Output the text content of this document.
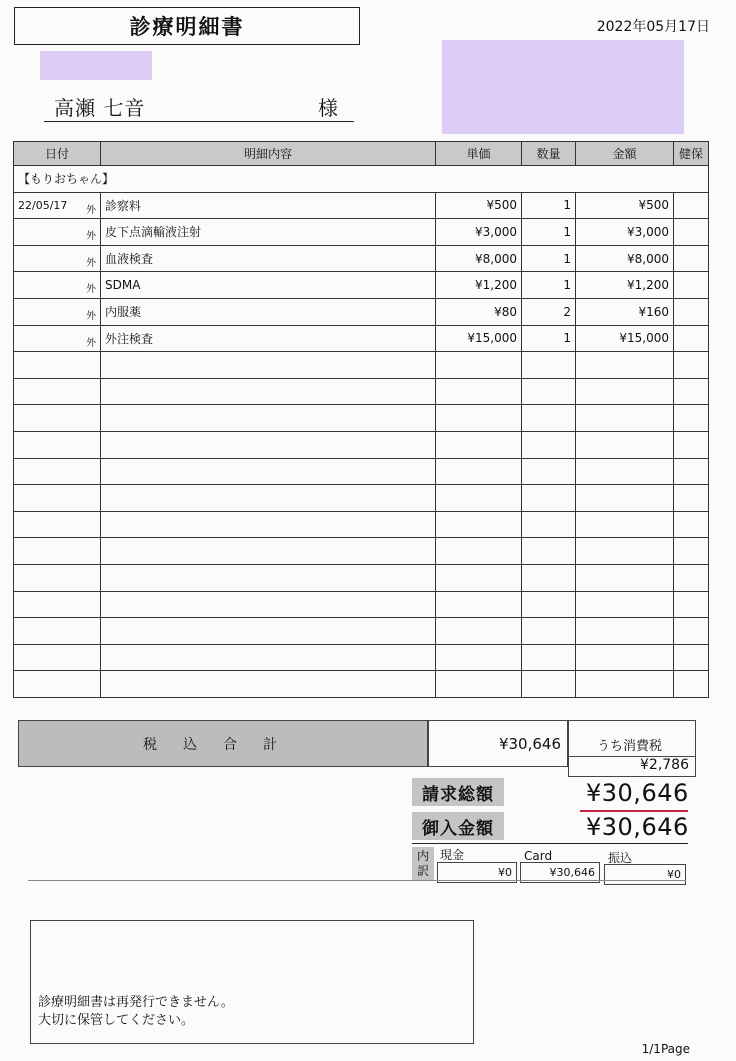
診療明細書	2022年05月17日
高瀬 七音	様
日付	明細内容	単価	数量	金額	健保
【もりおちゃん】					
22/05/17 外	診察料	¥500	1	¥500	

外	皮下点滴輸液注射	¥3,000	1	¥3,000	

外	血液検査	¥8,000	1	¥8,000	

外	SDMA	¥1,200	1	¥1,200	

外	内服薬	¥80	2	¥160	

外	外注検査	¥15,000	1	¥15,000	

税込合計	¥30,646	うち消費税
¥2,786
請求総額	¥30,646
御入金額	¥30,646
内訳
現金
¥0
Card
¥30,646
振込
¥0
診療明細書は再発行できません。
大切に保管してください。
1/1Page
